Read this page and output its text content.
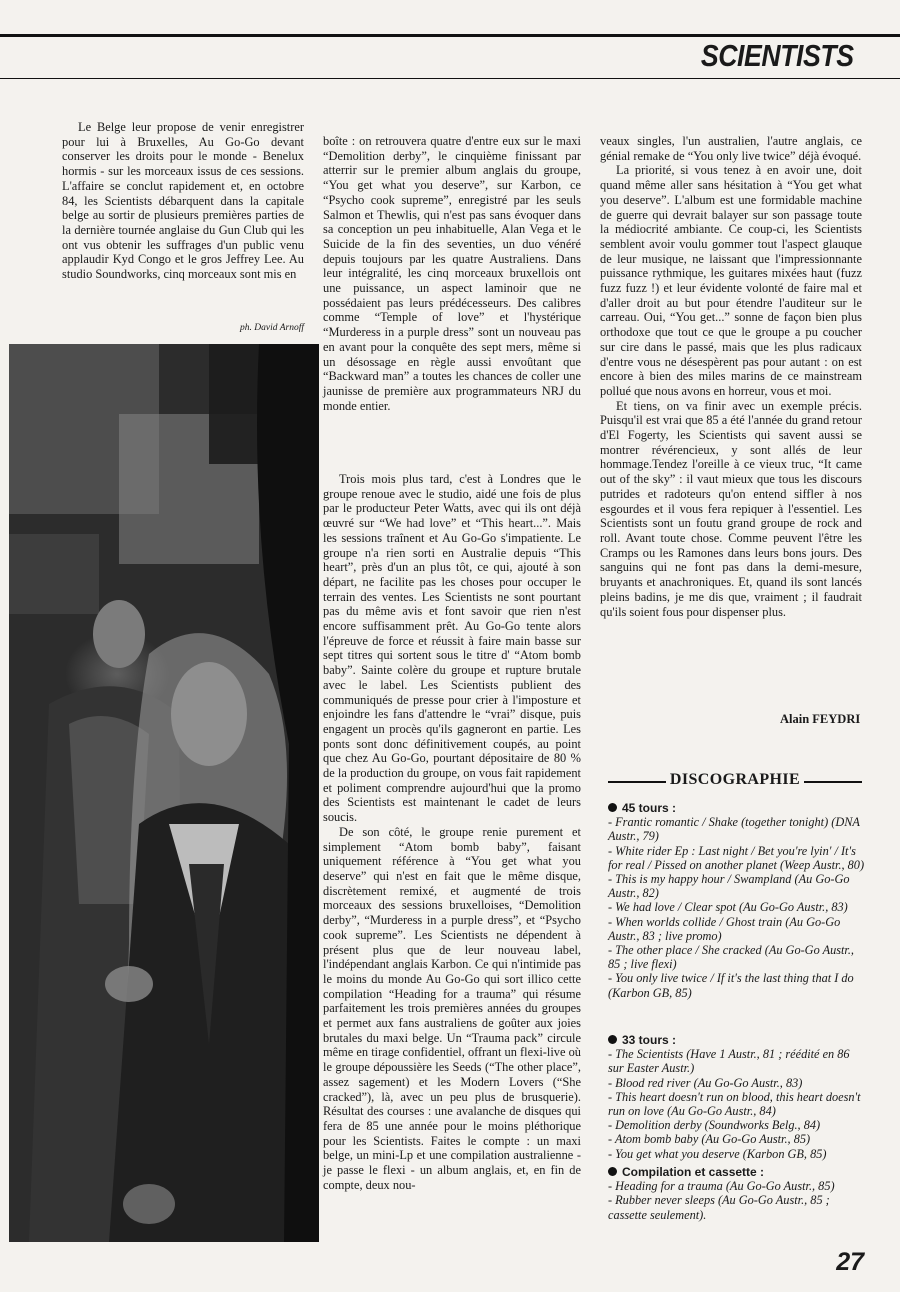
SCIENTISTS

Le Belge leur propose de venir enregistrer pour lui à Bruxelles, Au Go-Go devant conserver les droits pour le monde - Benelux hormis - sur les morceaux issus de ces sessions. L'affaire se conclut rapidement et, en octobre 84, les Scientists débarquent dans la capitale belge au sortir de plusieurs premières parties de la dernière tournée anglaise du Gun Club qui les ont vus obtenir les suffrages d'un public venu applaudir Kyd Congo et le gros Jeffrey Lee. Au studio Soundworks, cinq morceaux sont mis en

ph. David Arnoff

boîte : on retrouvera quatre d'entre eux sur le maxi “Demolition derby”, le cinquième finissant par atterrir sur le premier album anglais du groupe, “You get what you deserve”, sur Karbon, ce “Psycho cook supreme”, enregistré par les seuls Salmon et Thewlis, qui n'est pas sans évoquer dans sa conception un peu inhabituelle, Alan Vega et le Suicide de la fin des seventies, un duo vénéré depuis toujours par les quatre Australiens. Dans leur intégralité, les cinq morceaux bruxellois ont une puissance, un aspect laminoir que ne possédaient pas leurs prédécesseurs. Des calibres comme “Temple of love” et l'hystérique “Murderess in a purple dress” sont un nouveau pas en avant pour la conquête des sept mers, même si un désossage en règle aussi envoûtant que “Backward man” a toutes les chances de coller une jaunisse de première aux programmateurs NRJ du monde entier.

Trois mois plus tard, c'est à Londres que le groupe renoue avec le studio, aidé une fois de plus par le producteur Peter Watts, avec qui ils ont déjà œuvré sur “We had love” et “This heart...”. Mais les sessions traînent et Au Go-Go s'impatiente. Le groupe n'a rien sorti en Australie depuis “This heart”, près d'un an plus tôt, ce qui, ajouté à son départ, ne facilite pas les choses pour occuper le terrain des ventes. Les Scientists ne sont pourtant pas du même avis et font savoir que rien n'est encore suffisamment prêt. Au Go-Go tente alors l'épreuve de force et réussit à faire main basse sur sept titres qui sortent sous le titre d' “Atom bomb baby”. Sainte colère du groupe et rupture brutale avec le label. Les Scientists publient des communiqués de presse pour crier à l'imposture et enjoindre les fans d'attendre le “vrai” disque, puis engagent un procès qu'ils gagneront en partie. Les ponts sont donc définitivement coupés, au point que chez Au Go-Go, pourtant dépositaire de 80 % de la production du groupe, on vous fait rapidement et poliment comprendre aujourd'hui que la promo des Scientists est maintenant le cadet de leurs soucis.

De son côté, le groupe renie purement et simplement “Atom bomb baby”, faisant uniquement référence à “You get what you deserve” qui n'est en fait que le même disque, discrètement remixé, et augmenté de trois morceaux des sessions bruxelloises, “Demolition derby”, “Murderess in a purple dress”, et “Psycho cook supreme”. Les Scientists ne dépendent à présent plus que de leur nouveau label, l'indépendant anglais Karbon. Ce qui n'intimide pas le moins du monde Au Go-Go qui sort illico cette compilation “Heading for a trauma” qui résume parfaitement les trois premières années du groupes et permet aux fans australiens de goûter aux joies brutales du maxi belge. Un “Trauma pack” circule même en tirage confidentiel, offrant un flexi-live où le groupe dépoussière les Seeds (“The other place”, assez sagement) et les Modern Lovers (“She cracked”), là, avec un peu plus de brusquerie). Résultat des courses : une avalanche de disques qui fera de 85 une année pour le moins pléthorique pour les Scientists. Faites le compte : un maxi belge, un mini-Lp et une compilation australienne - je passe le flexi - un album anglais, et, en fin de compte, deux nou-

veaux singles, l'un australien, l'autre anglais, ce génial remake de “You only live twice” déjà évoqué.

La priorité, si vous tenez à en avoir une, doit quand même aller sans hésitation à “You get what you deserve”. L'album est une formidable machine de guerre qui devrait balayer sur son passage toute la médiocrité ambiante. Ce coup-ci, les Scientists semblent avoir voulu gommer tout l'aspect glauque de leur musique, ne laissant que l'impressionnante puissance rythmique, les guitares mixées haut (fuzz fuzz fuzz !) et leur évidente volonté de faire mal et d'aller droit au but pour étendre l'auditeur sur le carreau. Oui, “You get...” sonne de façon bien plus orthodoxe que tout ce que le groupe a pu coucher sur cire dans le passé, mais que les plus radicaux d'entre vous ne désespèrent pas pour autant : on est encore à bien des miles marins de ce mainstream pollué que nous avons en horreur, vous et moi.

Et tiens, on va finir avec un exemple précis. Puisqu'il est vrai que 85 a été l'année du grand retour d'El Fogerty, les Scientists qui savent aussi se montrer révérencieux, y sont allés de leur hommage.Tendez l'oreille à ce vieux truc, “It came out of the sky” : il vaut mieux que tous les discours putrides et radoteurs qu'on entend siffler à nos esgourdes et il vous fera repiquer à l'essentiel. Les Scientists sont un foutu grand groupe de rock and roll. Avant toute chose. Comme peuvent l'être les Cramps ou les Ramones dans leurs bons jours. Des sanguins qui ne font pas dans la demi-mesure, bruyants et anachroniques. Et, quand ils sont lancés pleins badins, je me dis que, vraiment ; il faudrait qu'ils soient fous pour dispenser plus.

Alain FEYDRI
DISCOGRAPHIE
45 tours :

- Frantic romantic / Shake (together tonight) (DNA Austr., 79)

- White rider Ep : Last night / Bet you're lyin' / It's for real / Pissed on another planet (Weep Austr., 80)

- This is my happy hour / Swampland (Au Go-Go Austr., 82)

- We had love / Clear spot (Au Go-Go Austr., 83)

- When worlds collide / Ghost train (Au Go-Go Austr., 83 ; live promo)

- The other place / She cracked (Au Go-Go Austr., 85 ; live flexi)

- You only live twice / If it's the last thing that I do (Karbon GB, 85)

33 tours :

- The Scientists (Have 1 Austr., 81 ; réédité en 86 sur Easter Austr.)

- Blood red river (Au Go-Go Austr., 83)

- This heart doesn't run on blood, this heart doesn't run on love (Au Go-Go Austr., 84)

- Demolition derby (Soundworks Belg., 84)

- Atom bomb baby (Au Go-Go Austr., 85)

- You get what you deserve (Karbon GB, 85)

Compilation et cassette :

- Heading for a trauma (Au Go-Go Austr., 85)

- Rubber never sleeps (Au Go-Go Austr., 85 ; cassette seulement).

27
